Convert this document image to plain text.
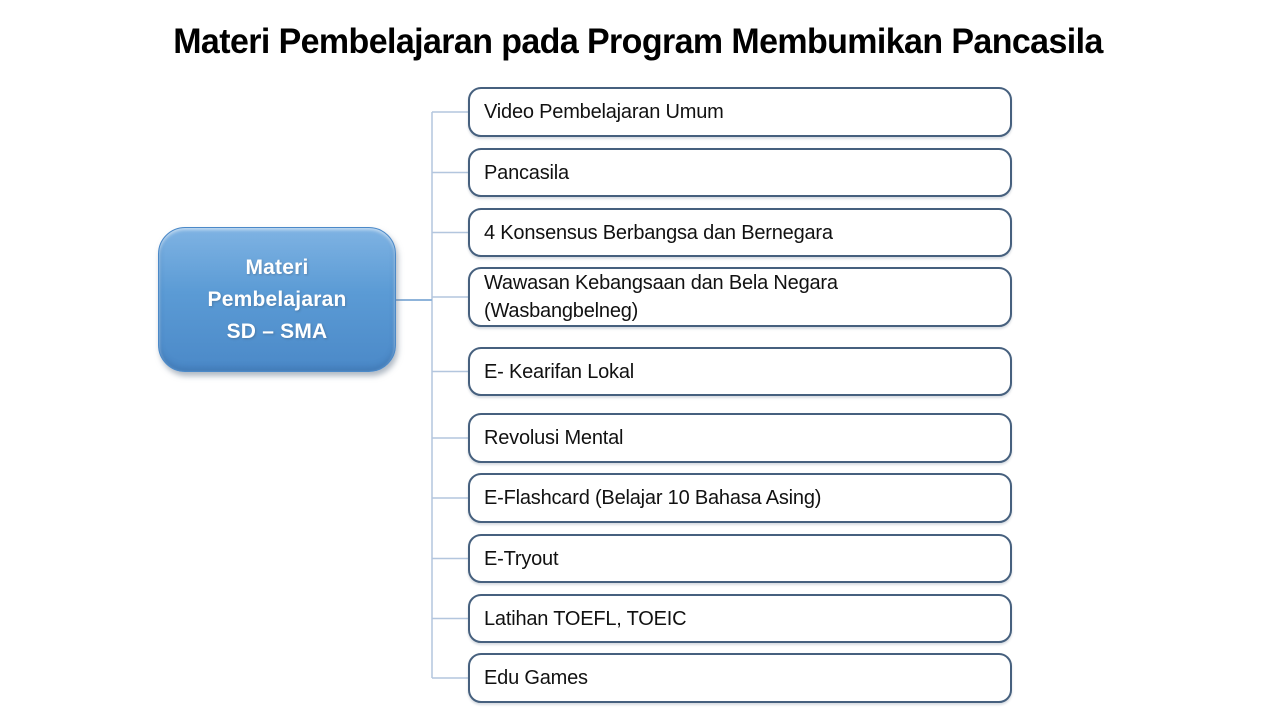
Materi Pembelajaran pada Program Membumikan Pancasila
Materi
Pembelajaran
SD – SMA
Video Pembelajaran Umum
Pancasila
4 Konsensus Berbangsa dan Bernegara
Wawasan Kebangsaan dan Bela Negara
(Wasbangbelneg)
E- Kearifan Lokal
Revolusi Mental
E-Flashcard (Belajar 10 Bahasa Asing)
E-Tryout
Latihan TOEFL, TOEIC
Edu Games
